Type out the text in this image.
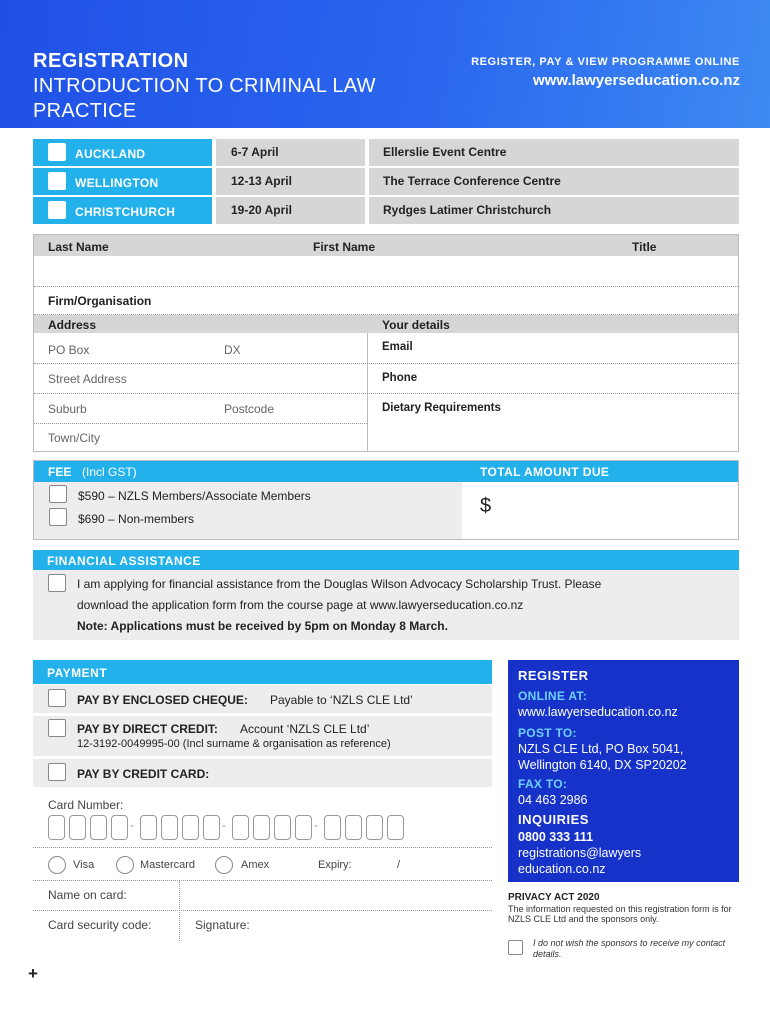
REGISTRATION
INTRODUCTION TO CRIMINAL LAW PRACTICE
REGISTER, PAY & VIEW PROGRAMME ONLINE
www.lawyerseducation.co.nz
AUCKLAND	6-7 April	Ellerslie Event Centre
WELLINGTON	12-13 April	The Terrace Conference Centre
CHRISTCHURCH	19-20 April	Rydges Latimer Christchurch
Last Name	First Name	Title
Firm/Organisation
Address	Your details
PO Box	DX	Email
Street Address	Phone
Suburb	Postcode	Dietary Requirements
Town/City
FEE (Incl GST)	TOTAL AMOUNT DUE
$590 – NZLS Members/Associate Members
$690 – Non-members
$
FINANCIAL ASSISTANCE
I am applying for financial assistance from the Douglas Wilson Advocacy Scholarship Trust. Please
download the application form from the course page at www.lawyerseducation.co.nz
Note: Applications must be received by 5pm on Monday 8 March.
PAYMENT
PAY BY ENCLOSED CHEQUE: Payable to ‘NZLS CLE Ltd’
PAY BY DIRECT CREDIT: Account ‘NZLS CLE Ltd’
12-3192-0049995-00 (Incl surname & organisation as reference)
PAY BY CREDIT CARD:
Card Number:
-	-	-
Visa	Mastercard	Amex	Expiry:	/
Name on card:
Card security code:	Signature:
REGISTER
ONLINE AT:
www.lawyerseducation.co.nz
POST TO:
NZLS CLE Ltd, PO Box 5041,
Wellington 6140, DX SP20202
FAX TO:
04 463 2986
INQUIRIES
0800 333 111
registrations@lawyers
education.co.nz
PRIVACY ACT 2020
The information requested on this registration form is for NZLS CLE Ltd and the sponsors only.
I do not wish the sponsors to receive my contact details.
+
